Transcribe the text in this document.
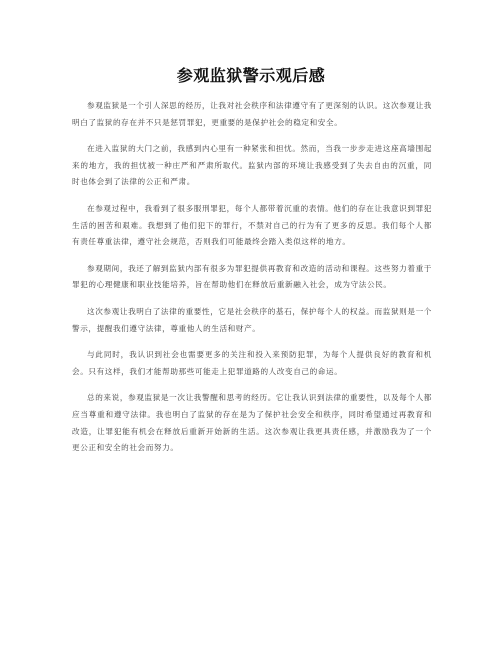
参观监狱警示观后感

参观监狱是一个引人深思的经历，让我对社会秩序和法律遵守有了更深刻的认识。这次参观让我明白了监狱的存在并不只是惩罚罪犯，更重要的是保护社会的稳定和安全。

在进入监狱的大门之前，我感到内心里有一种紧张和担忧。然而，当我一步步走进这座高墙围起来的地方，我的担忧被一种庄严和严肃所取代。监狱内部的环境让我感受到了失去自由的沉重，同时也体会到了法律的公正和严肃。

在参观过程中，我看到了很多服刑罪犯，每个人都带着沉重的表情。他们的存在让我意识到罪犯生活的困苦和艰难。我想到了他们犯下的罪行，不禁对自己的行为有了更多的反思。我们每个人都有责任尊重法律，遵守社会规范，否则我们可能最终会踏入类似这样的地方。

参观期间，我还了解到监狱内部有很多为罪犯提供再教育和改造的活动和课程。这些努力着重于罪犯的心理健康和职业技能培养，旨在帮助他们在释放后重新融入社会，成为守法公民。

这次参观让我明白了法律的重要性，它是社会秩序的基石，保护每个人的权益。而监狱则是一个警示，提醒我们遵守法律，尊重他人的生活和财产。

与此同时，我认识到社会也需要更多的关注和投入来预防犯罪，为每个人提供良好的教育和机会。只有这样，我们才能帮助那些可能走上犯罪道路的人改变自己的命运。

总的来说，参观监狱是一次让我警醒和思考的经历。它让我认识到法律的重要性，以及每个人都应当尊重和遵守法律。我也明白了监狱的存在是为了保护社会安全和秩序，同时希望通过再教育和改造，让罪犯能有机会在释放后重新开始新的生活。这次参观让我更具责任感，并激励我为了一个更公正和安全的社会而努力。
